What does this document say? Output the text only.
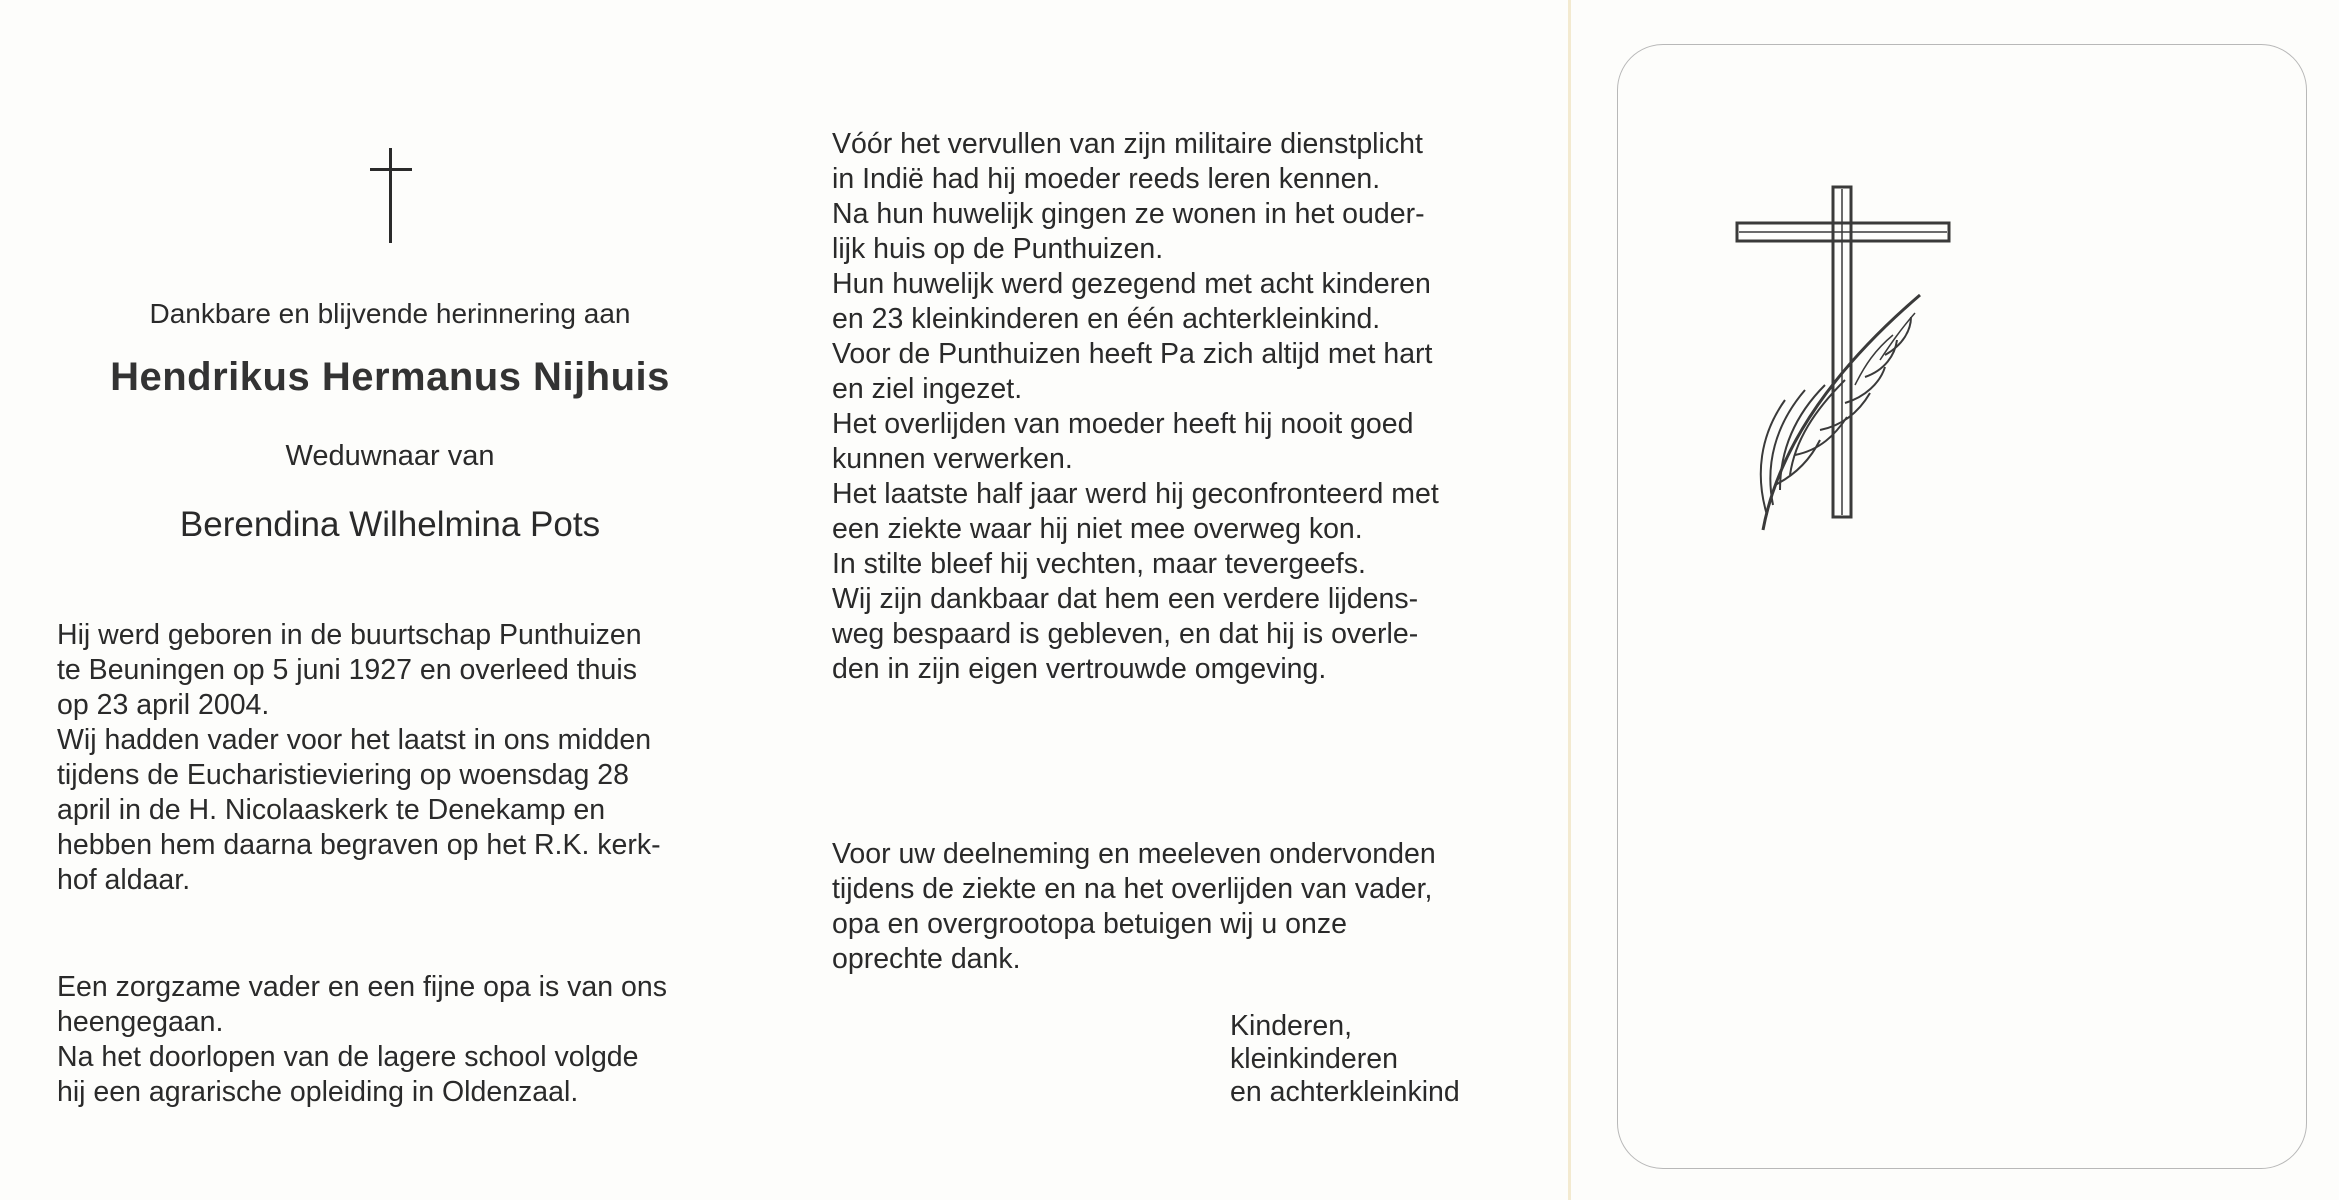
Dankbare en blijvende herinnering aan
Hendrikus Hermanus Nijhuis
Weduwnaar van
Berendina Wilhelmina Pots

Hij werd geboren in de buurtschap Punthuizen

te Beuningen op 5 juni 1927 en overleed thuis

op 23 april 2004.

Wij hadden vader voor het laatst in ons midden

tijdens de Eucharistieviering op woensdag 28

april in de H. Nicolaaskerk te Denekamp en

hebben hem daarna begraven op het R.K. kerk-

hof aldaar.

Een zorgzame vader en een fijne opa is van ons

heengegaan.

Na het doorlopen van de lagere school volgde

hij een agrarische opleiding in Oldenzaal.

Vóór het vervullen van zijn militaire dienstplicht

in Indië had hij moeder reeds leren kennen.

Na hun huwelijk gingen ze wonen in het ouder-

lijk huis op de Punthuizen.

Hun huwelijk werd gezegend met acht kinderen

en 23 kleinkinderen en één achterkleinkind.

Voor de Punthuizen heeft Pa zich altijd met hart

en ziel ingezet.

Het overlijden van moeder heeft hij nooit goed

kunnen verwerken.

Het laatste half jaar werd hij geconfronteerd met

een ziekte waar hij niet mee overweg kon.

In stilte bleef hij vechten, maar tevergeefs.

Wij zijn dankbaar dat hem een verdere lijdens-

weg bespaard is gebleven, en dat hij is overle-

den in zijn eigen vertrouwde omgeving.

Voor uw deelneming en meeleven ondervonden

tijdens de ziekte en na het overlijden van vader,

opa en overgrootopa betuigen wij u onze

oprechte dank.

Kinderen,
kleinkinderen
en achterkleinkind
